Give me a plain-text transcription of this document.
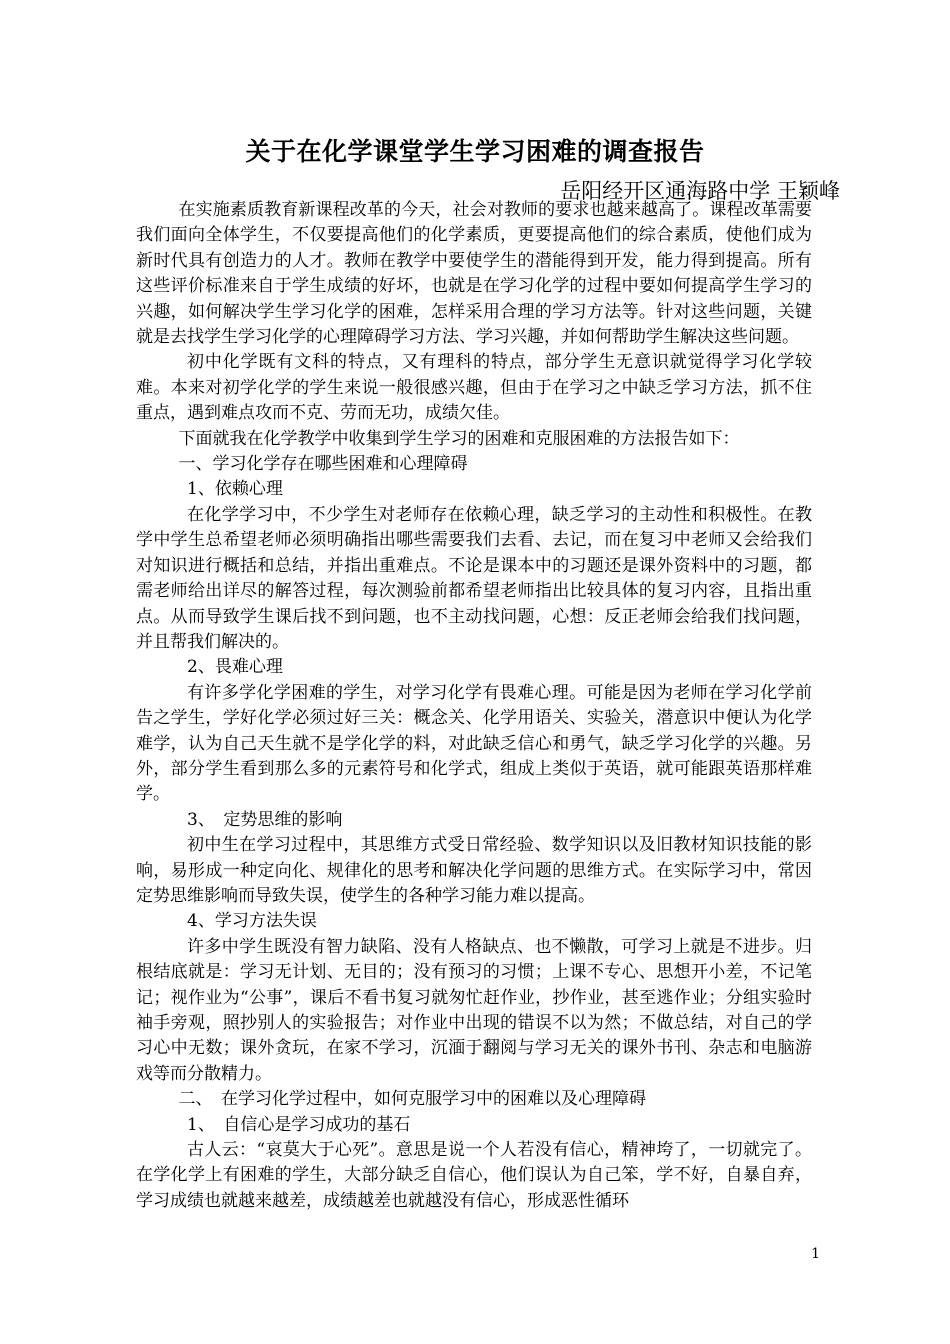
关于在化学课堂学生学习困难的调查报告
岳阳经开区通海路中学 王颖峰

在实施素质教育新课程改革的今天，社会对教师的要求也越来越高了。课程改革需要我们面向全体学生，不仅要提高他们的化学素质，更要提高他们的综合素质，使他们成为新时代具有创造力的人才。教师在教学中要使学生的潜能得到开发，能力得到提高。所有这些评价标准来自于学生成绩的好坏，也就是在学习化学的过程中要如何提高学生学习的兴趣，如何解决学生学习化学的困难，怎样采用合理的学习方法等。针对这些问题，关键就是去找学生学习化学的心理障碍学习方法、学习兴趣，并如何帮助学生解决这些问题。

初中化学既有文科的特点，又有理科的特点，部分学生无意识就觉得学习化学较难。本来对初学化学的学生来说一般很感兴趣，但由于在学习之中缺乏学习方法，抓不住重点，遇到难点攻而不克、劳而无功，成绩欠佳。

下面就我在化学教学中收集到学生学习的困难和克服困难的方法报告如下：

一、学习化学存在哪些困难和心理障碍

1、依赖心理

在化学学习中，不少学生对老师存在依赖心理，缺乏学习的主动性和积极性。在教学中学生总希望老师必须明确指出哪些需要我们去看、去记，而在复习中老师又会给我们对知识进行概括和总结，并指出重难点。不论是课本中的习题还是课外资料中的习题，都需老师给出详尽的解答过程，每次测验前都希望老师指出比较具体的复习内容，且指出重点。从而导致学生课后找不到问题，也不主动找问题，心想：反正老师会给我们找问题，并且帮我们解决的。

2、畏难心理

有许多学化学困难的学生，对学习化学有畏难心理。可能是因为老师在学习化学前告之学生，学好化学必须过好三关：概念关、化学用语关、实验关，潜意识中便认为化学难学，认为自己天生就不是学化学的料，对此缺乏信心和勇气，缺乏学习化学的兴趣。另外，部分学生看到那么多的元素符号和化学式，组成上类似于英语，就可能跟英语那样难学。

3、　定势思维的影响

初中生在学习过程中，其思维方式受日常经验、数学知识以及旧教材知识技能的影响，易形成一种定向化、规律化的思考和解决化学问题的思维方式。在实际学习中，常因定势思维影响而导致失误，使学生的各种学习能力难以提高。

4、学习方法失误

许多中学生既没有智力缺陷、没有人格缺点、也不懒散，可学习上就是不进步。归根结底就是：学习无计划、无目的；没有预习的习惯；上课不专心、思想开小差，不记笔记；视作业为“公事”，课后不看书复习就匆忙赶作业，抄作业，甚至逃作业；分组实验时袖手旁观，照抄别人的实验报告；对作业中出现的错误不以为然；不做总结，对自己的学习心中无数；课外贪玩，在家不学习，沉湎于翻阅与学习无关的课外书刊、杂志和电脑游戏等而分散精力。

二、　在学习化学过程中，如何克服学习中的困难以及心理障碍

1、　自信心是学习成功的基石

古人云：“哀莫大于心死”。意思是说一个人若没有信心，精神垮了，一切就完了。在学化学上有困难的学生，大部分缺乏自信心，他们误认为自己笨，学不好，自暴自弃，学习成绩也就越来越差，成绩越差也就越没有信心，形成恶性循环

1
